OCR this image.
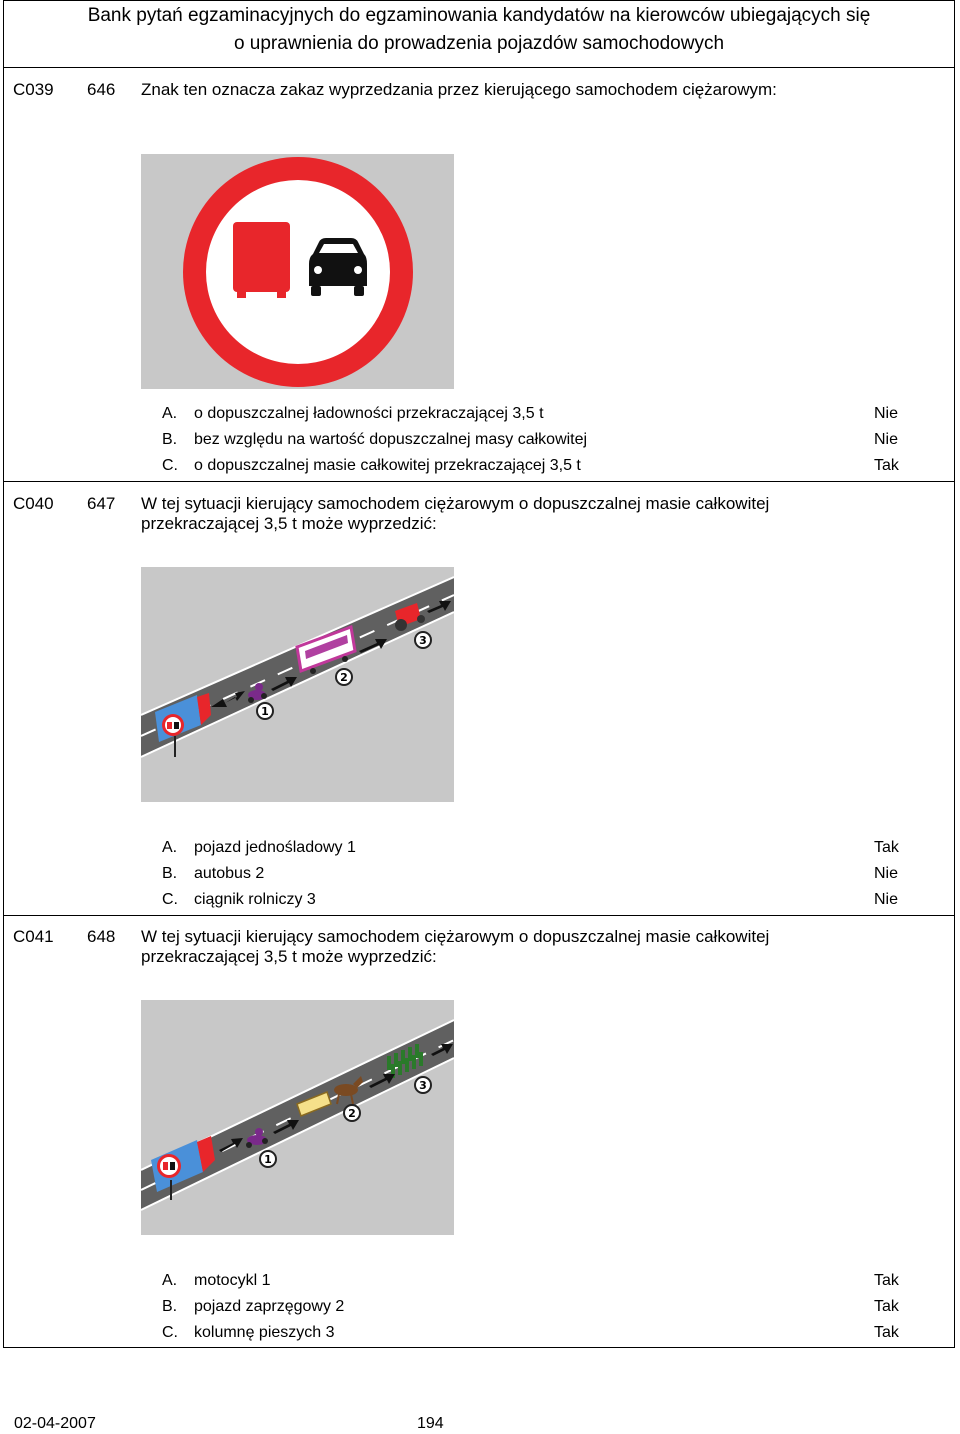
Bank pytań egzaminacyjnych do egzaminowania kandydatów na kierowców ubiegających się
o uprawnienia do prowadzenia pojazdów samochodowych
C039 646 Znak ten oznacza zakaz wyprzedzania przez kierującego samochodem ciężarowym:
A. o dopuszczalnej ładowności przekraczającej 3,5 t	Nie
B. bez względu na wartość dopuszczalnej masy całkowitej	Nie
C. o dopuszczalnej masie całkowitej przekraczającej 3,5 t	Tak
C040 647 W tej sytuacji kierujący samochodem ciężarowym o dopuszczalnej masie całkowitej
przekraczającej 3,5 t może wyprzedzić:
1
2
3
A. pojazd jednośladowy 1	Tak
B. autobus 2	Nie
C. ciągnik rolniczy 3	Nie
C041 648 W tej sytuacji kierujący samochodem ciężarowym o dopuszczalnej masie całkowitej
przekraczającej 3,5 t może wyprzedzić:
1
2
3
A. motocykl 1	Tak
B. pojazd zaprzęgowy 2	Tak
C. kolumnę pieszych 3	Tak
02-04-2007	194
